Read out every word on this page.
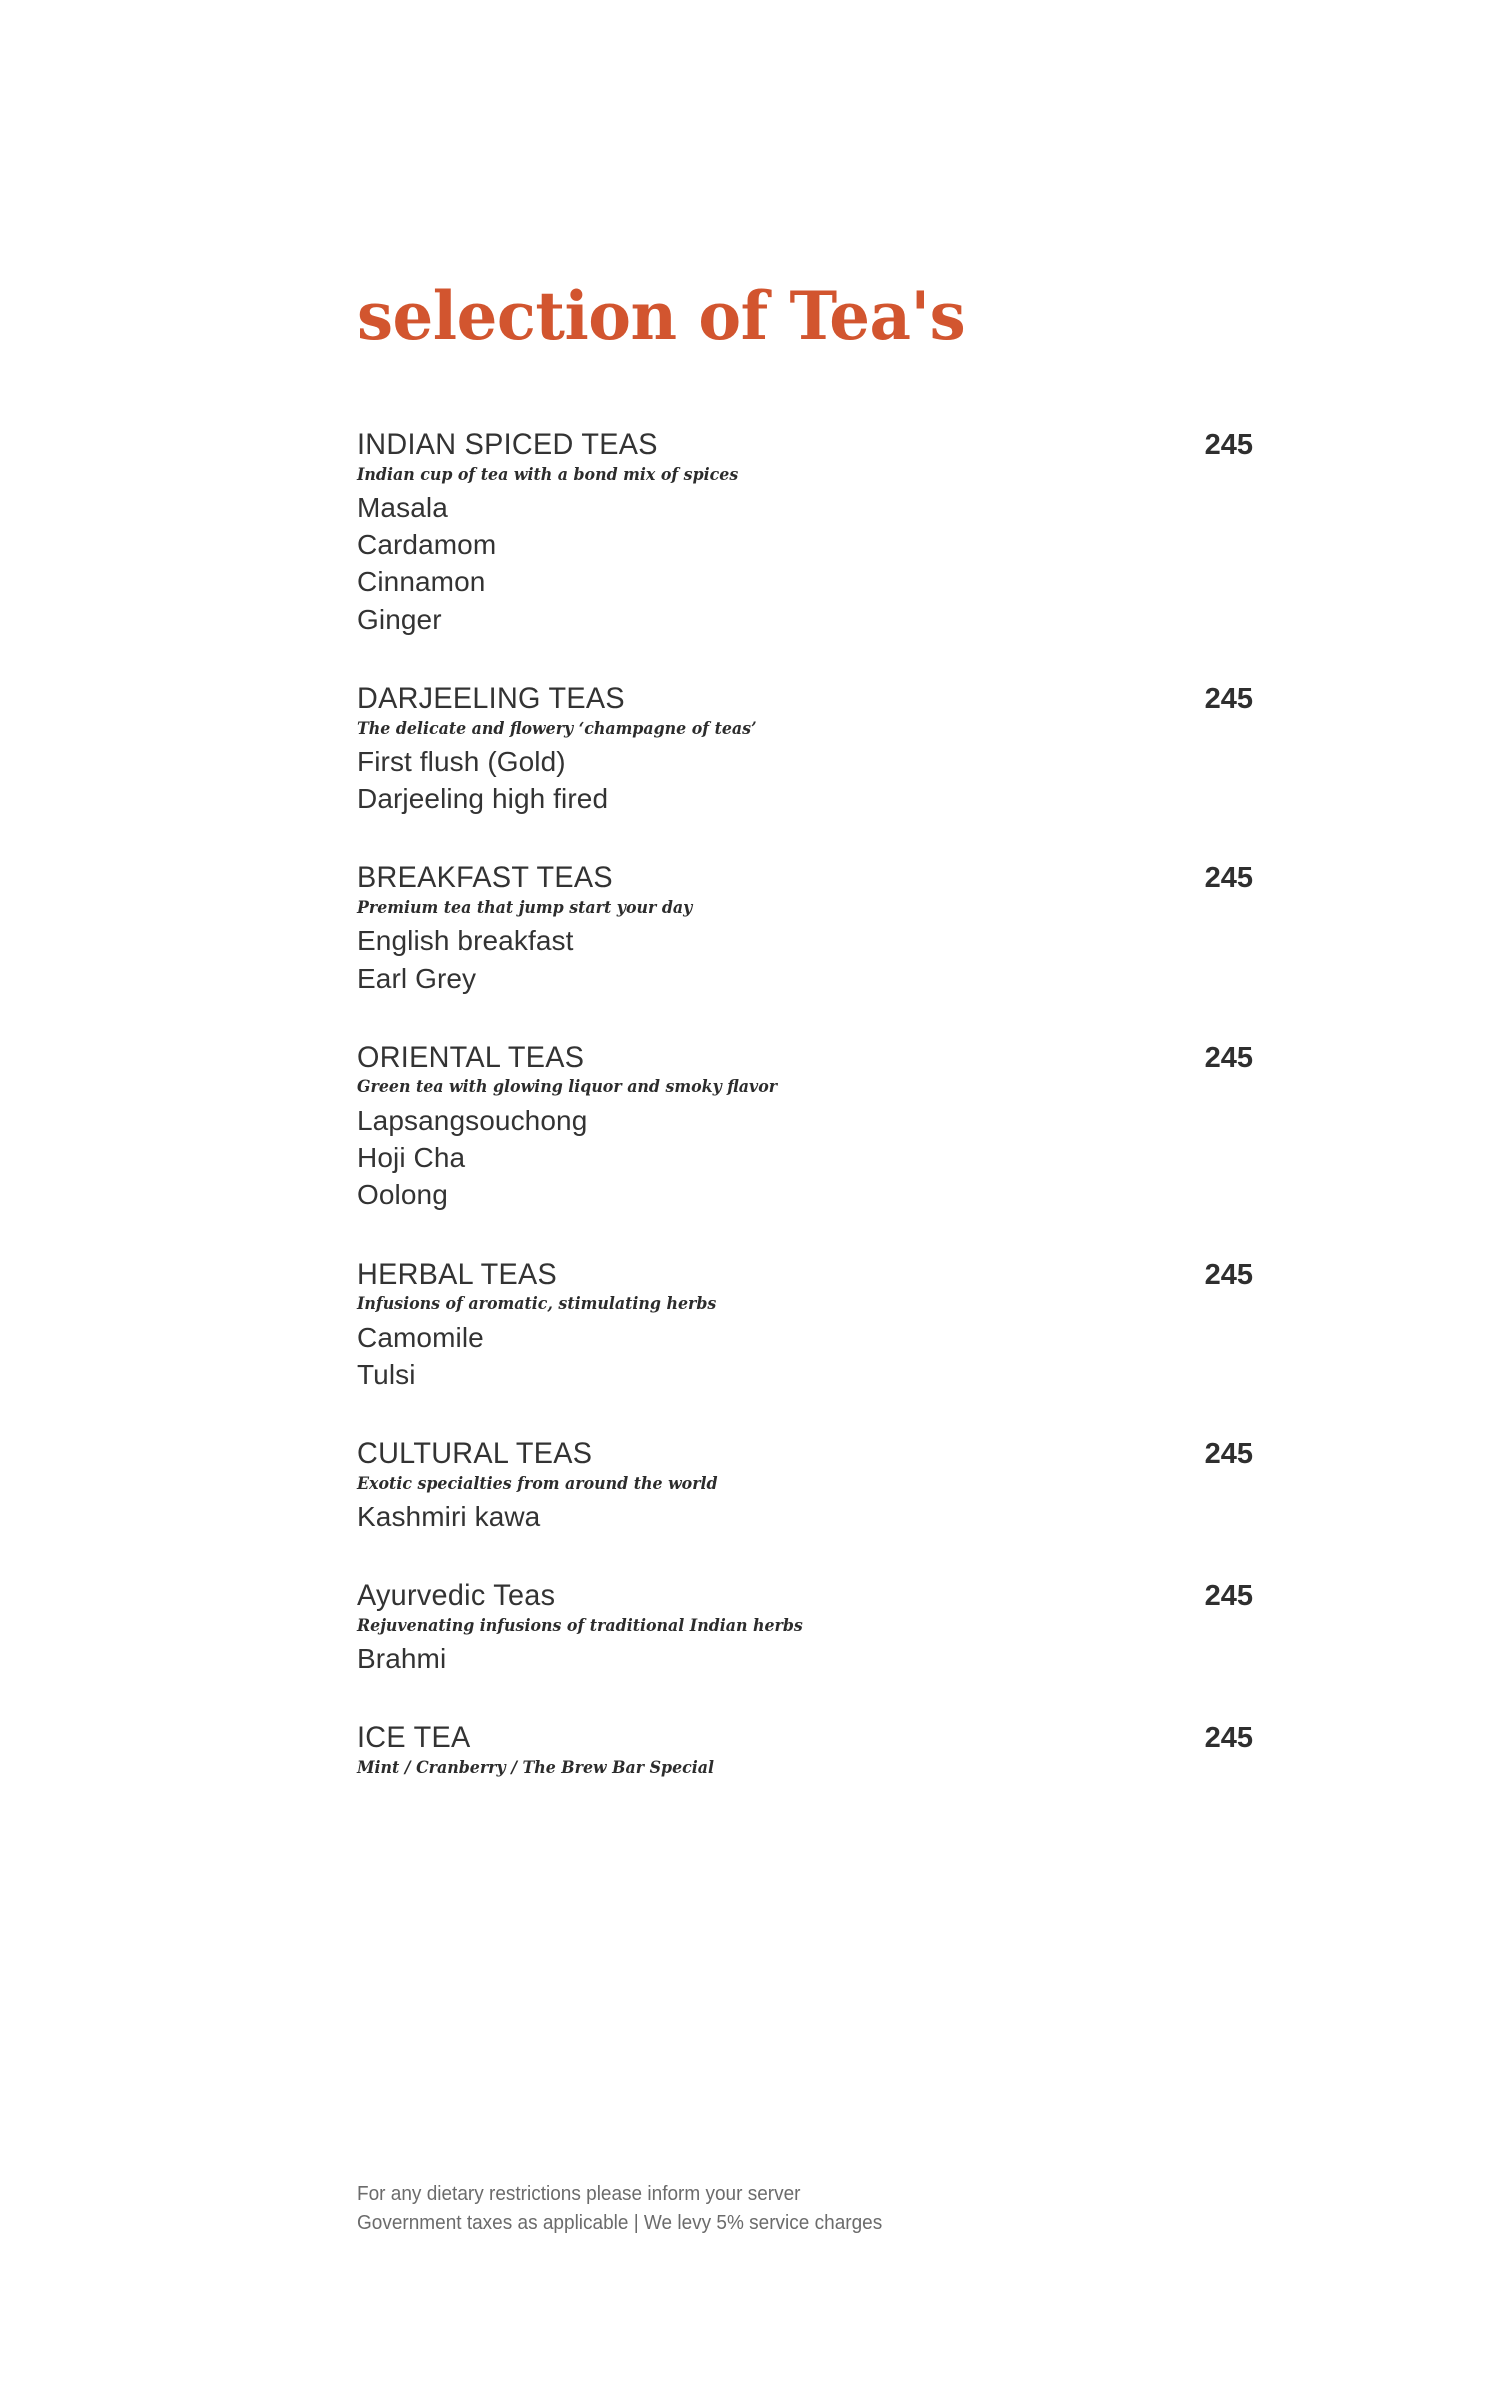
selection of Tea's
INDIAN SPICED TEAS	245
Indian cup of tea with a bond mix of spices
Masala
Cardamom
Cinnamon
Ginger
DARJEELING TEAS	245
The delicate and flowery ‘champagne of teas’
First flush (Gold)
Darjeeling high fired
BREAKFAST TEAS	245
Premium tea that jump start your day
English breakfast
Earl Grey
ORIENTAL TEAS	245
Green tea with glowing liquor and smoky flavor
Lapsangsouchong
Hoji Cha
Oolong
HERBAL TEAS	245
Infusions of aromatic, stimulating herbs
Camomile
Tulsi
CULTURAL TEAS	245
Exotic specialties from around the world
Kashmiri kawa
Ayurvedic Teas	245
Rejuvenating infusions of traditional Indian herbs
Brahmi
ICE TEA	245
Mint / Cranberry / The Brew Bar Special
For any dietary restrictions please inform your server
Government taxes as applicable | We levy 5% service charges
